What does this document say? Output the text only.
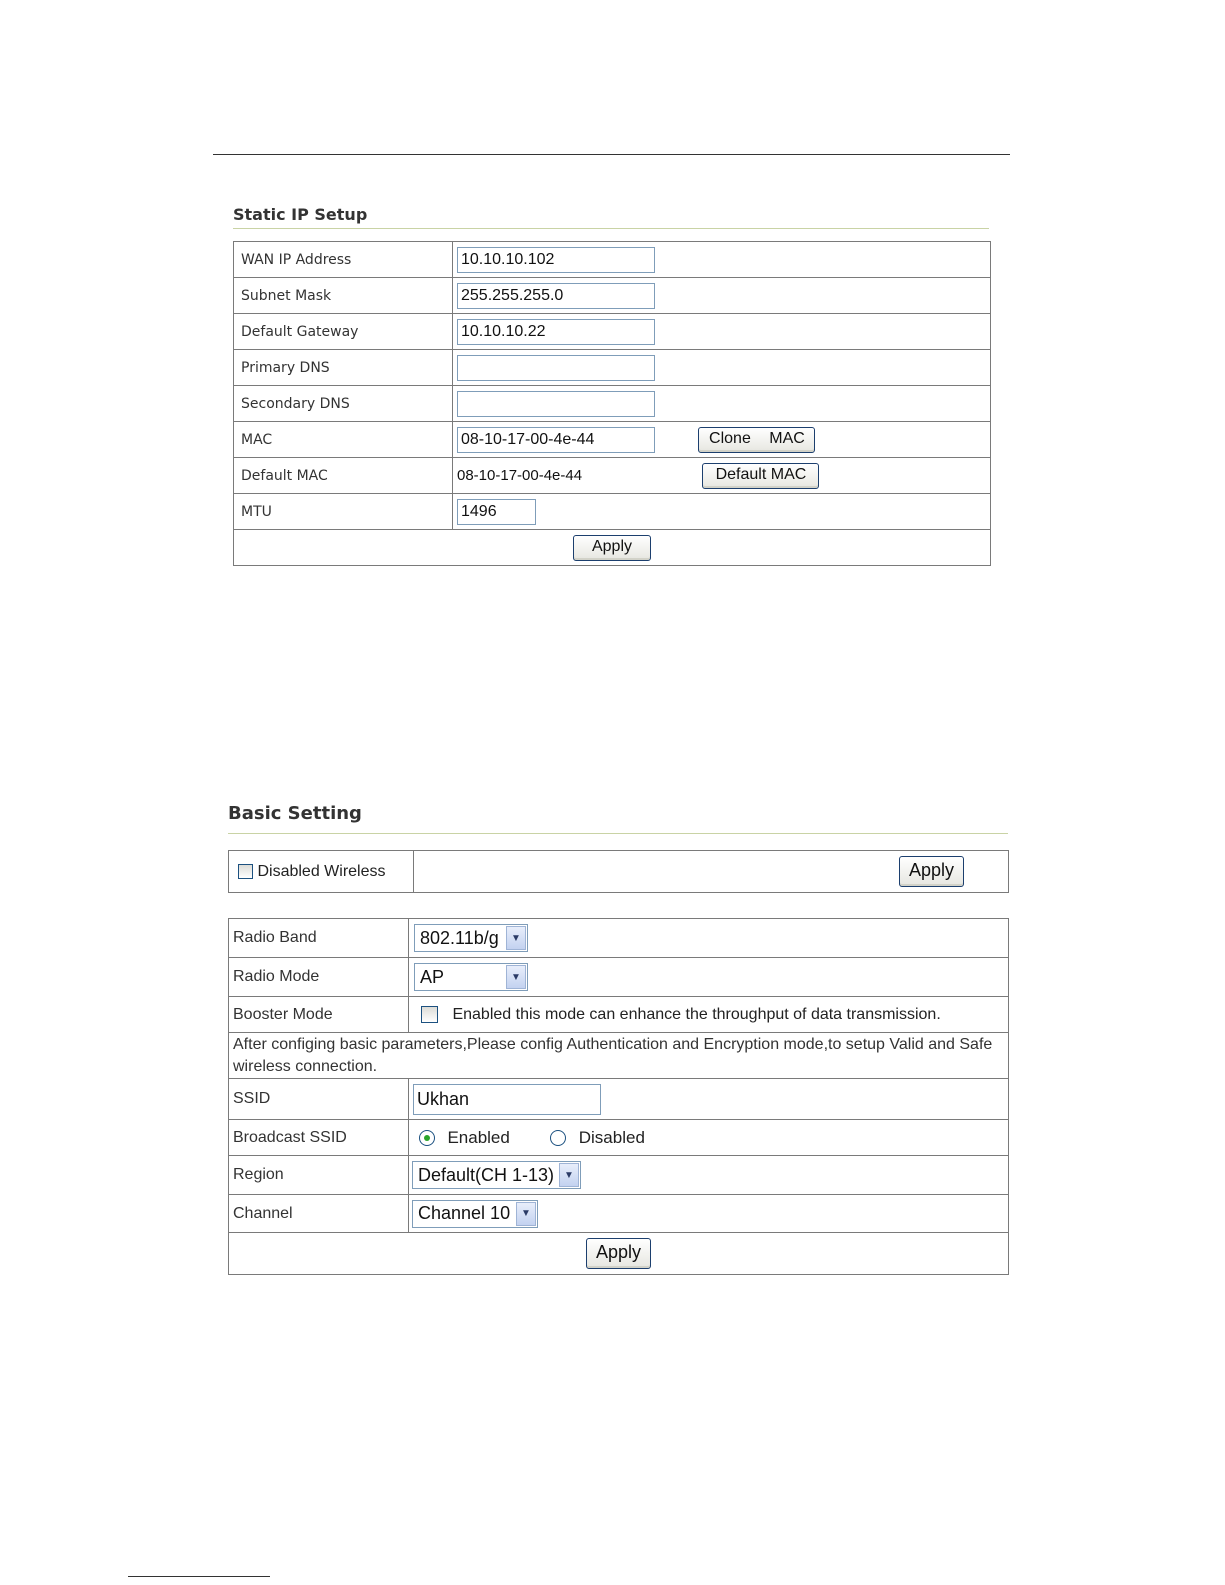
Static IP Setup
WAN IP Address	10.10.10.102
Subnet Mask	255.255.255.0
Default Gateway	10.10.10.22
Primary DNS	
Secondary DNS	
MAC	08-10-17-00-4e-44 Clone MAC
Default MAC	08-10-17-00-4e-44 Default MAC
MTU	1496
Apply	
Basic Setting
Disabled Wireless	Apply
Radio Band	802.11b/g ▼

Radio Mode	AP ▼

Booster Mode	Enabled this mode can enhance the throughput of data transmission.
After configing basic parameters,Please config Authentication and Encryption mode,to setup Valid and Safe wireless connection.	
SSID	Ukhan
Broadcast SSID	Enabled Disabled
Region	Default(CH 1-13) ▼

Channel	Channel 10 ▼

Apply	
